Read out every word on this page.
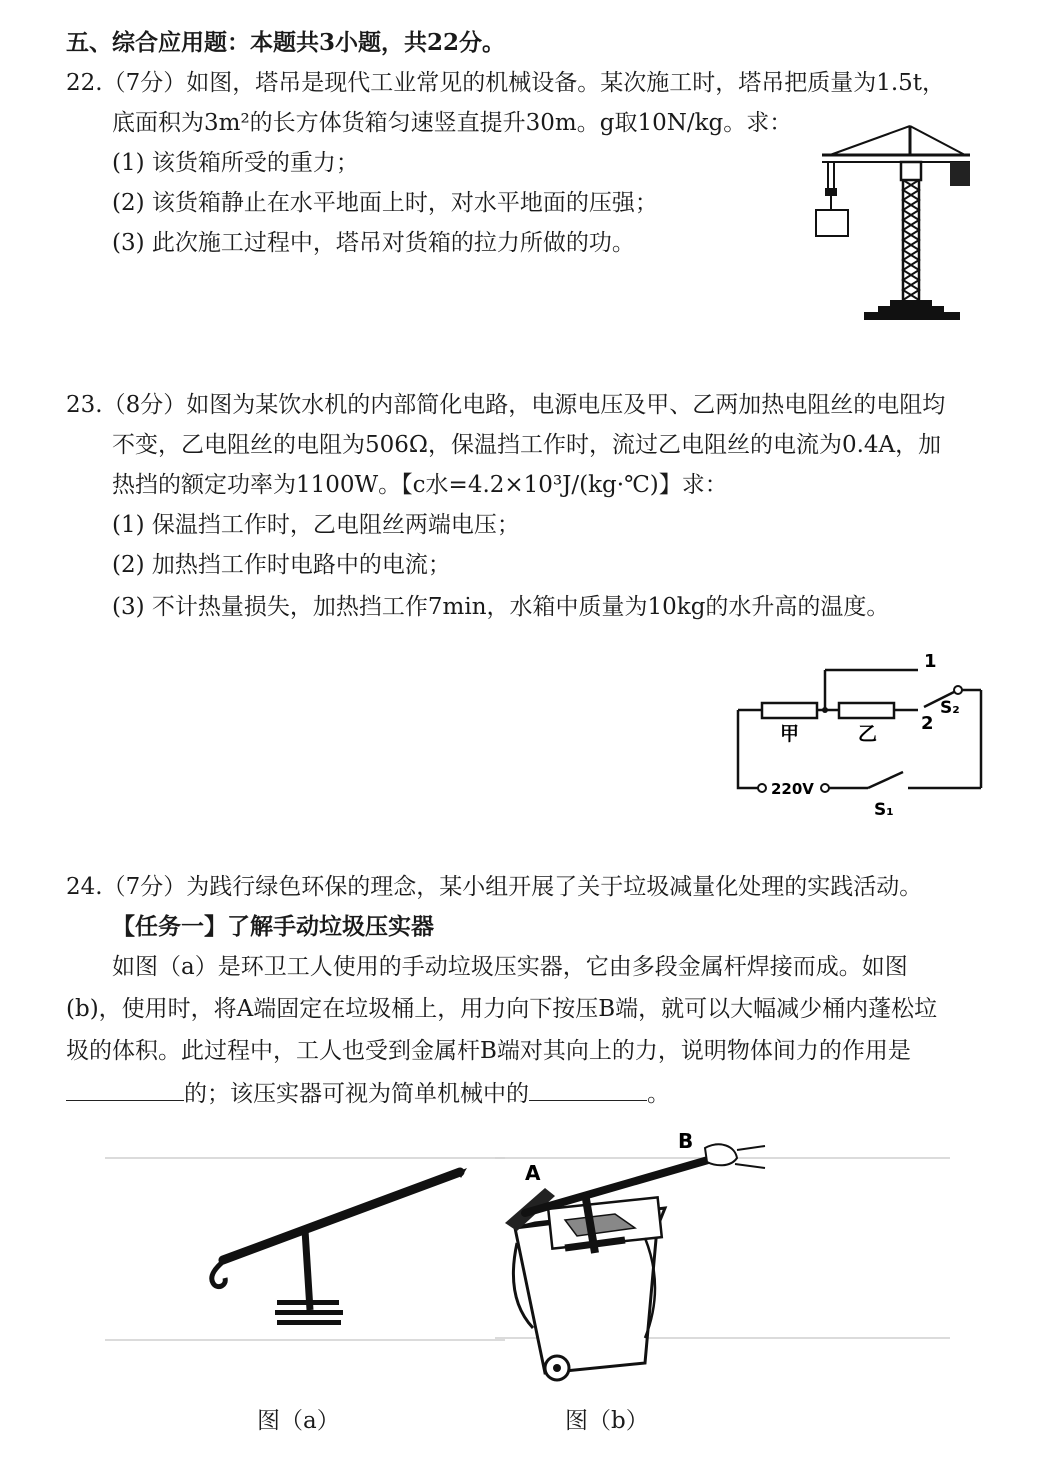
五、综合应用题：本题共3小题，共22分。
22.（7分）如图，塔吊是现代工业常见的机械设备。某次施工时，塔吊把质量为1.5t，
底面积为3m²的长方体货箱匀速竖直提升30m。g取10N/kg。求：
(1) 该货箱所受的重力；
(2) 该货箱静止在水平地面上时，对水平地面的压强；
(3) 此次施工过程中，塔吊对货箱的拉力所做的功。
23.（8分）如图为某饮水机的内部简化电路，电源电压及甲、乙两加热电阻丝的电阻均
不变，乙电阻丝的电阻为506Ω，保温挡工作时，流过乙电阻丝的电流为0.4A，加
热挡的额定功率为1100W。【c水=4.2×10³J/(kg·℃)】求：
(1) 保温挡工作时，乙电阻丝两端电压；
(2) 加热挡工作时电路中的电流；
(3) 不计热量损失，加热挡工作7min，水箱中质量为10kg的水升高的温度。
1
2
S₂
甲	乙
220V
S₁
24.（7分）为践行绿色环保的理念，某小组开展了关于垃圾减量化处理的实践活动。
【任务一】了解手动垃圾压实器
如图（a）是环卫工人使用的手动垃圾压实器，它由多段金属杆焊接而成。如图
(b)，使用时，将A端固定在垃圾桶上，用力向下按压B端，就可以大幅减少桶内蓬松垃
圾的体积。此过程中，工人也受到金属杆B端对其向上的力，说明物体间力的作用是
的；该压实器可视为简单机械中的	。
A
B
图（a）	图（b）
